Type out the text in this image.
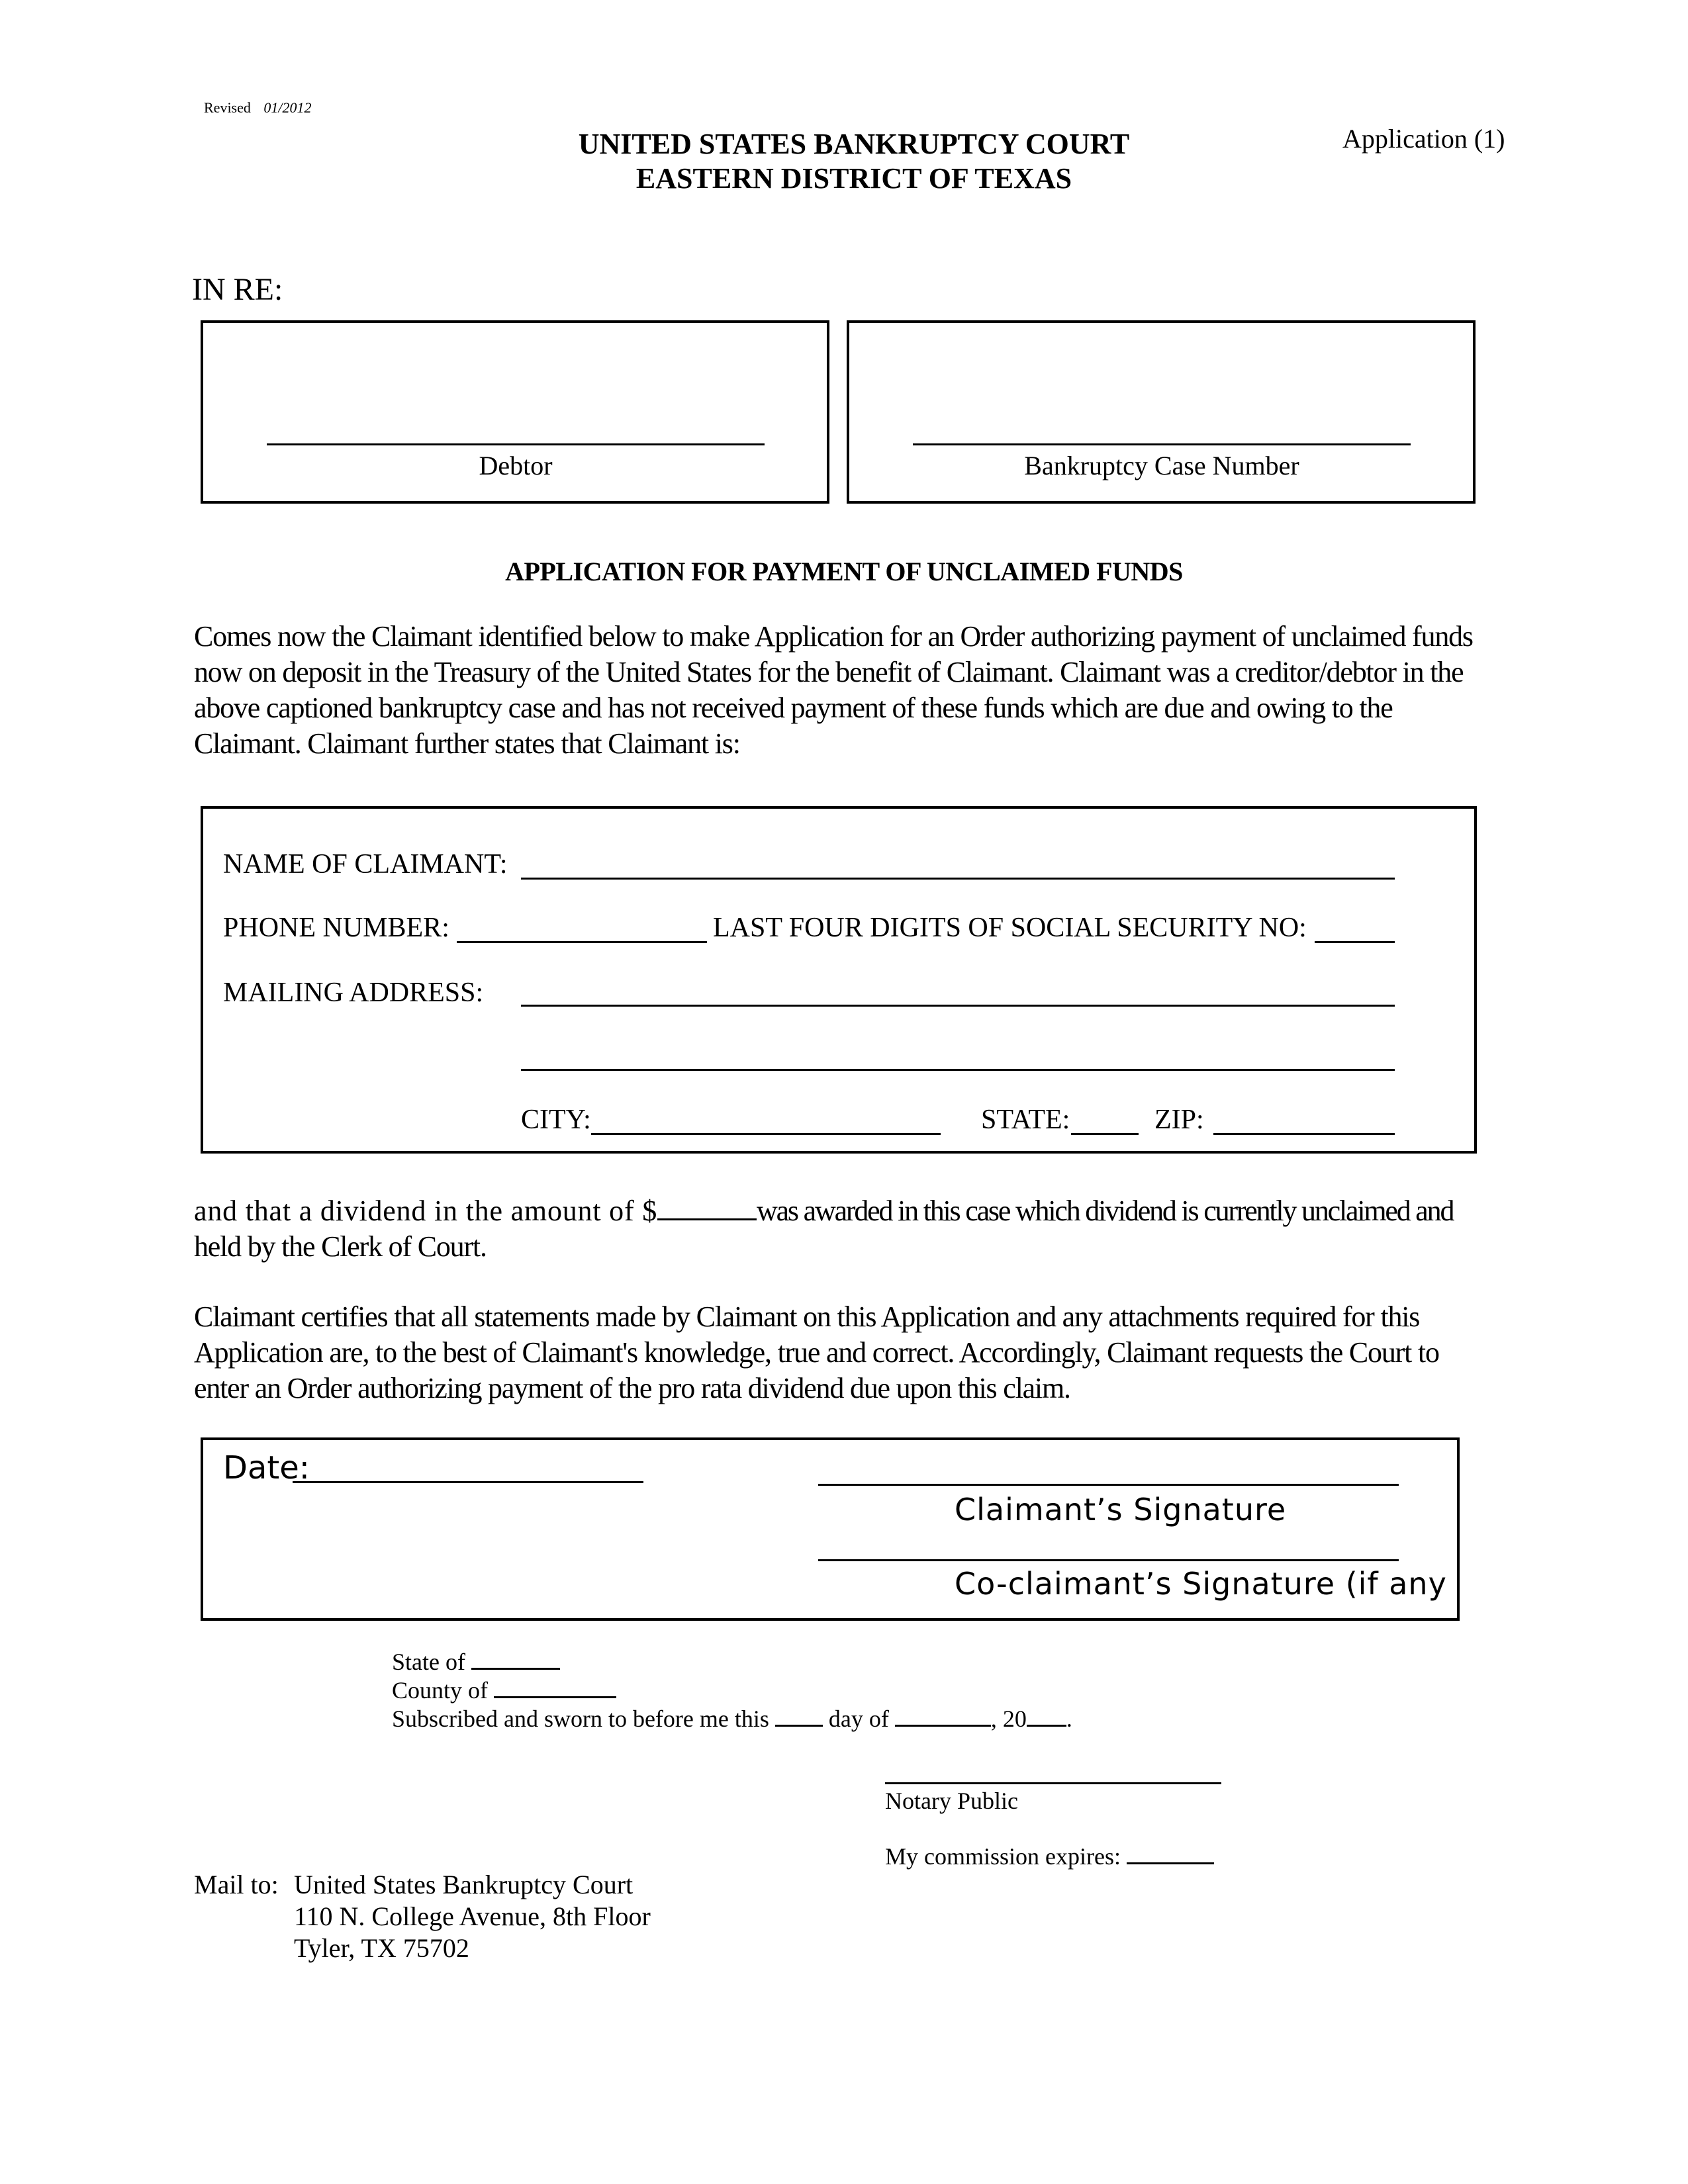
Revised 01/2012
UNITED STATES BANKRUPTCY COURT
EASTERN DISTRICT OF TEXAS
Application (1)
IN RE:
Debtor	Bankruptcy Case Number
APPLICATION FOR PAYMENT OF UNCLAIMED FUNDS
Comes now the Claimant identified below to make Application for an Order authorizing payment of unclaimed funds
now on deposit in the Treasury of the United States for the benefit of Claimant. Claimant was a creditor/debtor in the
above captioned bankruptcy case and has not received payment of these funds which are due and owing to the
Claimant. Claimant further states that Claimant is:
NAME OF CLAIMANT:
PHONE NUMBER:	LAST FOUR DIGITS OF SOCIAL SECURITY NO:
MAILING ADDRESS:
CITY:	STATE:	ZIP:
and that a dividend in the amount of $	was awarded in this case which dividend is currently unclaimed and
held by the Clerk of Court.
Claimant certifies that all statements made by Claimant on this Application and any attachments required for this
Application are, to the best of Claimant's knowledge, true and correct. Accordingly, Claimant requests the Court to
enter an Order authorizing payment of the pro rata dividend due upon this claim.
Date:
Claimant’s Signature
Co-claimant’s Signature (if any
State of
County of
Subscribed and sworn to before me this	day of	, 20 .
Notary Public
My commission expires:
Mail to: United States Bankruptcy Court
110 N. College Avenue, 8th Floor
Tyler, TX 75702
